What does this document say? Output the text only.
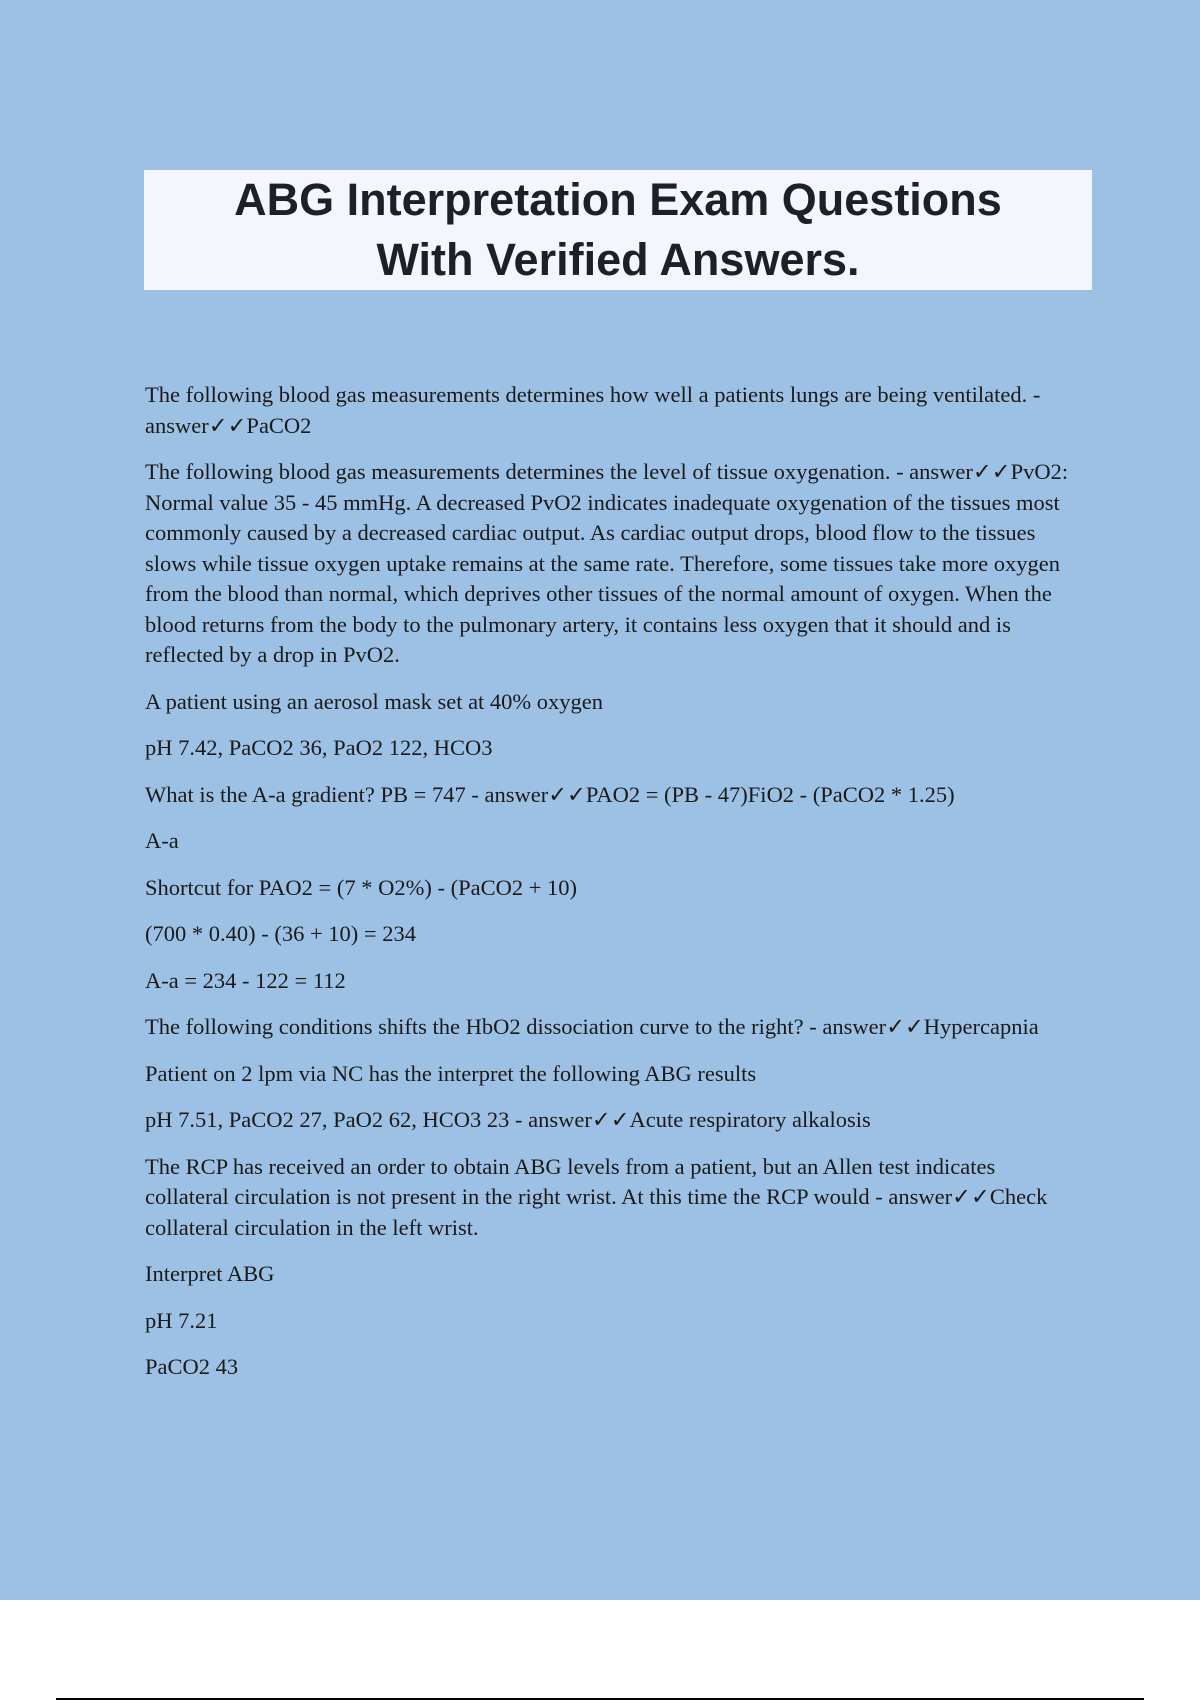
ABG Interpretation Exam Questions
With Verified Answers.

The following blood gas measurements determines how well a patients lungs are being ventilated. - answer✓✓PaCO2

The following blood gas measurements determines the level of tissue oxygenation. - answer✓✓PvO2: Normal value 35 - 45 mmHg. A decreased PvO2 indicates inadequate oxygenation of the tissues most commonly caused by a decreased cardiac output. As cardiac output drops, blood flow to the tissues slows while tissue oxygen uptake remains at the same rate. Therefore, some tissues take more oxygen from the blood than normal, which deprives other tissues of the normal amount of oxygen. When the blood returns from the body to the pulmonary artery, it contains less oxygen that it should and is reflected by a drop in PvO2.

A patient using an aerosol mask set at 40% oxygen

pH 7.42, PaCO2 36, PaO2 122, HCO3

What is the A-a gradient? PB = 747 - answer✓✓PAO2 = (PB - 47)FiO2 - (PaCO2 * 1.25)

A-a

Shortcut for PAO2 = (7 * O2%) - (PaCO2 + 10)

(700 * 0.40) - (36 + 10) = 234

A-a = 234 - 122 = 112

The following conditions shifts the HbO2 dissociation curve to the right? - answer✓✓Hypercapnia

Patient on 2 lpm via NC has the interpret the following ABG results

pH 7.51, PaCO2 27, PaO2 62, HCO3 23 - answer✓✓Acute respiratory alkalosis

The RCP has received an order to obtain ABG levels from a patient, but an Allen test indicates collateral circulation is not present in the right wrist. At this time the RCP would - answer✓✓Check collateral circulation in the left wrist.

Interpret ABG

pH 7.21

PaCO2 43
